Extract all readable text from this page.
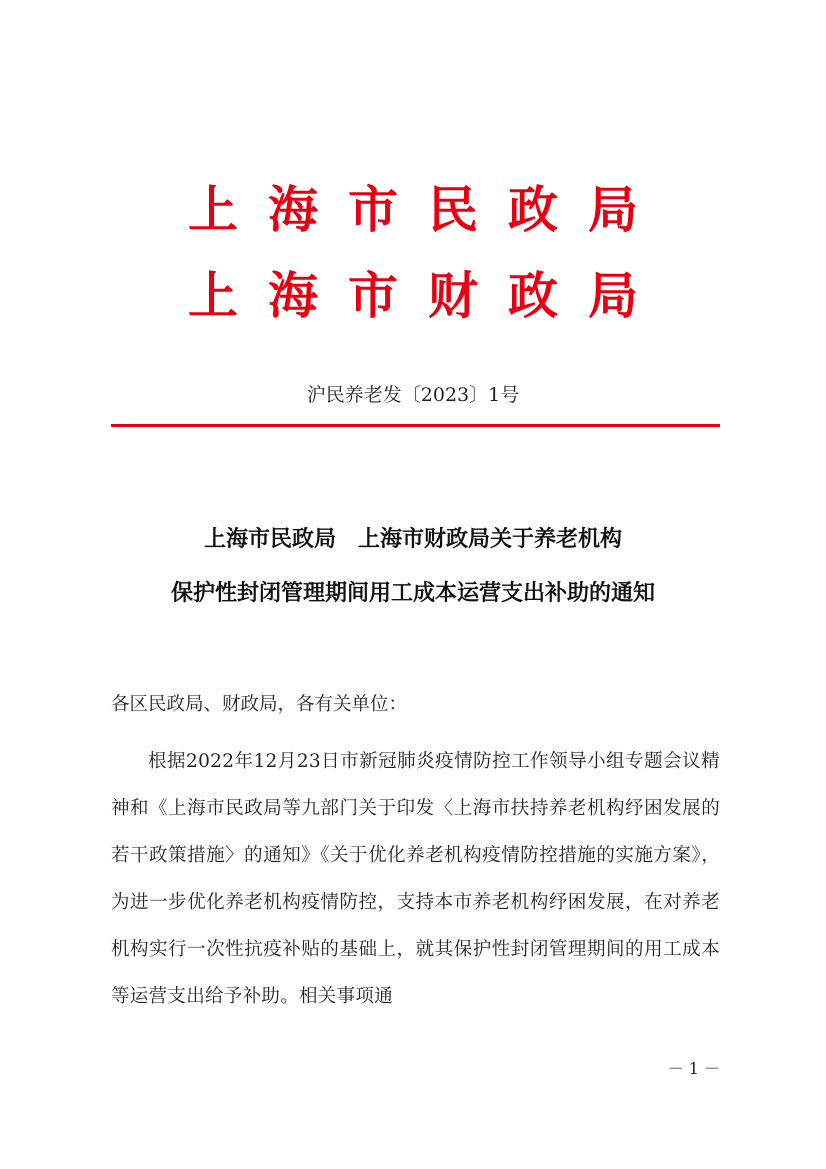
上海市民政局
上海市财政局
沪民养老发〔2023〕1号
上海市民政局　上海市财政局关于养老机构
保护性封闭管理期间用工成本运营支出补助的通知
各区民政局、财政局，各有关单位：
根据2022年12月23日市新冠肺炎疫情防控工作领导小组专题会议精神和《上海市民政局等九部门关于印发〈上海市扶持养老机构纾困发展的若干政策措施〉的通知》《关于优化养老机构疫情防控措施的实施方案》，为进一步优化养老机构疫情防控，支持本市养老机构纾困发展，在对养老机构实行一次性抗疫补贴的基础上，就其保护性封闭管理期间的用工成本等运营支出给予补助。相关事项通
－ 1 －
